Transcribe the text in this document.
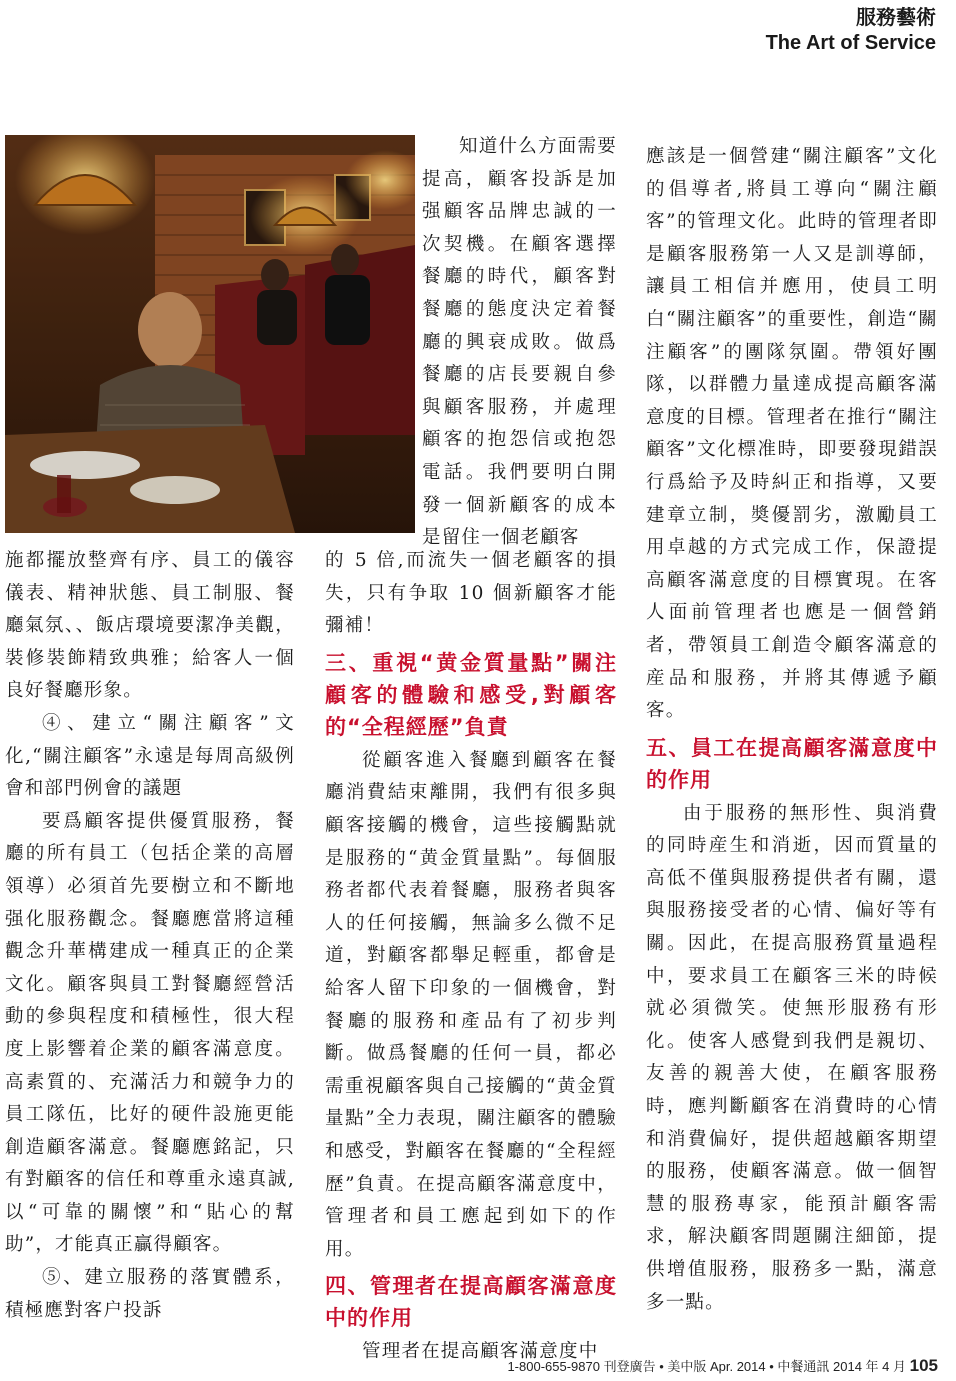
服務藝術
The Art of Service

知道什么方面需要提高，顧客投訴是加强顧客品牌忠誠的一次契機。在顧客選擇餐廳的時代，顧客對餐廳的態度決定着餐廳的興衰成敗。做爲餐廳的店長要親自參與顧客服務，并處理顧客的抱怨信或抱怨電話。我們要明白開發一個新顧客的成本是留住一個老顧客

施都擺放整齊有序、員工的儀容儀表、精神狀態、員工制服、餐廳氣氛、、飯店環境要潔净美觀，裝修裝飾精致典雅；給客人一個良好餐廳形象。

④、建立“關注顧客”文化,“關注顧客”永遠是每周高級例會和部門例會的議題

要爲顧客提供優質服務，餐廳的所有員工（包括企業的高層領導）必須首先要樹立和不斷地强化服務觀念。餐廳應當將這種觀念升華構建成一種真正的企業文化。顧客與員工對餐廳經營活動的參與程度和積極性，很大程度上影響着企業的顧客滿意度。高素質的、充滿活力和競争力的員工隊伍，比好的硬件設施更能創造顧客滿意。餐廳應銘記，只有對顧客的信任和尊重永遠真誠,以“可靠的關懷”和“貼心的幫助”，才能真正贏得顧客。

⑤、建立服務的落實體系，積極應對客户投訴

的 5 倍,而流失一個老顧客的損失，只有争取 10 個新顧客才能彌補！

三、重視“黄金質量點”關注顧客的體驗和感受,對顧客的“全程經歷”負責

從顧客進入餐廳到顧客在餐廳消費結束離開，我們有很多與顧客接觸的機會，這些接觸點就是服務的“黄金質量點”。每個服務者都代表着餐廳，服務者與客人的任何接觸，無論多么微不足道，對顧客都舉足輕重，都會是給客人留下印象的一個機會，對餐廳的服務和產品有了初步判斷。做爲餐廳的任何一員，都必需重視顧客與自己接觸的“黄金質量點”全力表現，關注顧客的體驗和感受，對顧客在餐廳的“全程經歷”負責。在提高顧客滿意度中，管理者和員工應起到如下的作用。

四、管理者在提高顧客滿意度中的作用

管理者在提高顧客滿意度中

應該是一個營建“關注顧客”文化的倡導者,將員工導向“關注顧客”的管理文化。此時的管理者即是顧客服務第一人又是訓導師，讓員工相信并應用，使員工明白“關注顧客”的重要性，創造“關注顧客”的團隊氛圍。帶領好團隊，以群體力量達成提高顧客滿意度的目標。管理者在推行“關注顧客”文化標准時，即要發現錯誤行爲給予及時糾正和指導，又要建章立制，奬優罰劣，激勵員工用卓越的方式完成工作，保證提高顧客滿意度的目標實現。在客人面前管理者也應是一個營銷者，帶領員工創造令顧客滿意的産品和服務，并將其傳遞予顧客。

五、員工在提高顧客滿意度中的作用

由于服務的無形性、與消費的同時産生和消逝，因而質量的高低不僅與服務提供者有關，還與服務接受者的心情、偏好等有關。因此，在提高服務質量過程中，要求員工在顧客三米的時候就必須微笑。使無形服務有形化。使客人感覺到我們是親切、友善的親善大使，在顧客服務時，應判斷顧客在消費時的心情和消費偏好，提供超越顧客期望的服務，使顧客滿意。做一個智慧的服務專家，能預計顧客需求，解決顧客問題關注細節，提供增值服務，服務多一點，滿意多一點。

1-800-655-9870 刊登廣告 • 美中版 Apr. 2014 • 中餐通訊 2014 年 4 月 105
